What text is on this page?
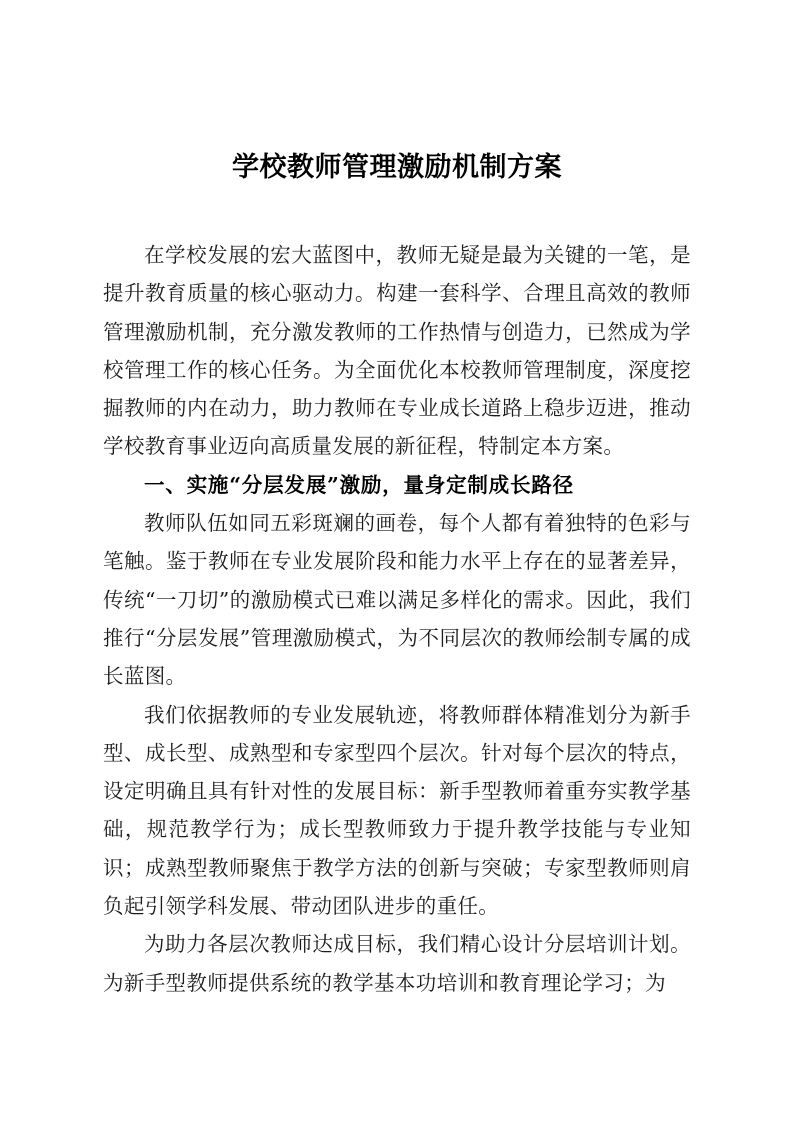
学校教师管理激励机制方案

在学校发展的宏大蓝图中，教师无疑是最为关键的一笔，是提升教育质量的核心驱动力。构建一套科学、合理且高效的教师管理激励机制，充分激发教师的工作热情与创造力，已然成为学校管理工作的核心任务。为全面优化本校教师管理制度，深度挖掘教师的内在动力，助力教师在专业成长道路上稳步迈进，推动学校教育事业迈向高质量发展的新征程，特制定本方案。

一、实施“分层发展”激励，量身定制成长路径

教师队伍如同五彩斑斓的画卷，每个人都有着独特的色彩与笔触。鉴于教师在专业发展阶段和能力水平上存在的显著差异，传统“一刀切”的激励模式已难以满足多样化的需求。因此，我们推行“分层发展”管理激励模式，为不同层次的教师绘制专属的成长蓝图。

我们依据教师的专业发展轨迹，将教师群体精准划分为新手型、成长型、成熟型和专家型四个层次。针对每个层次的特点，设定明确且具有针对性的发展目标：新手型教师着重夯实教学基础，规范教学行为；成长型教师致力于提升教学技能与专业知识；成熟型教师聚焦于教学方法的创新与突破；专家型教师则肩负起引领学科发展、带动团队进步的重任。

为助力各层次教师达成目标，我们精心设计分层培训计划。为新手型教师提供系统的教学基本功培训和教育理论学习；为
